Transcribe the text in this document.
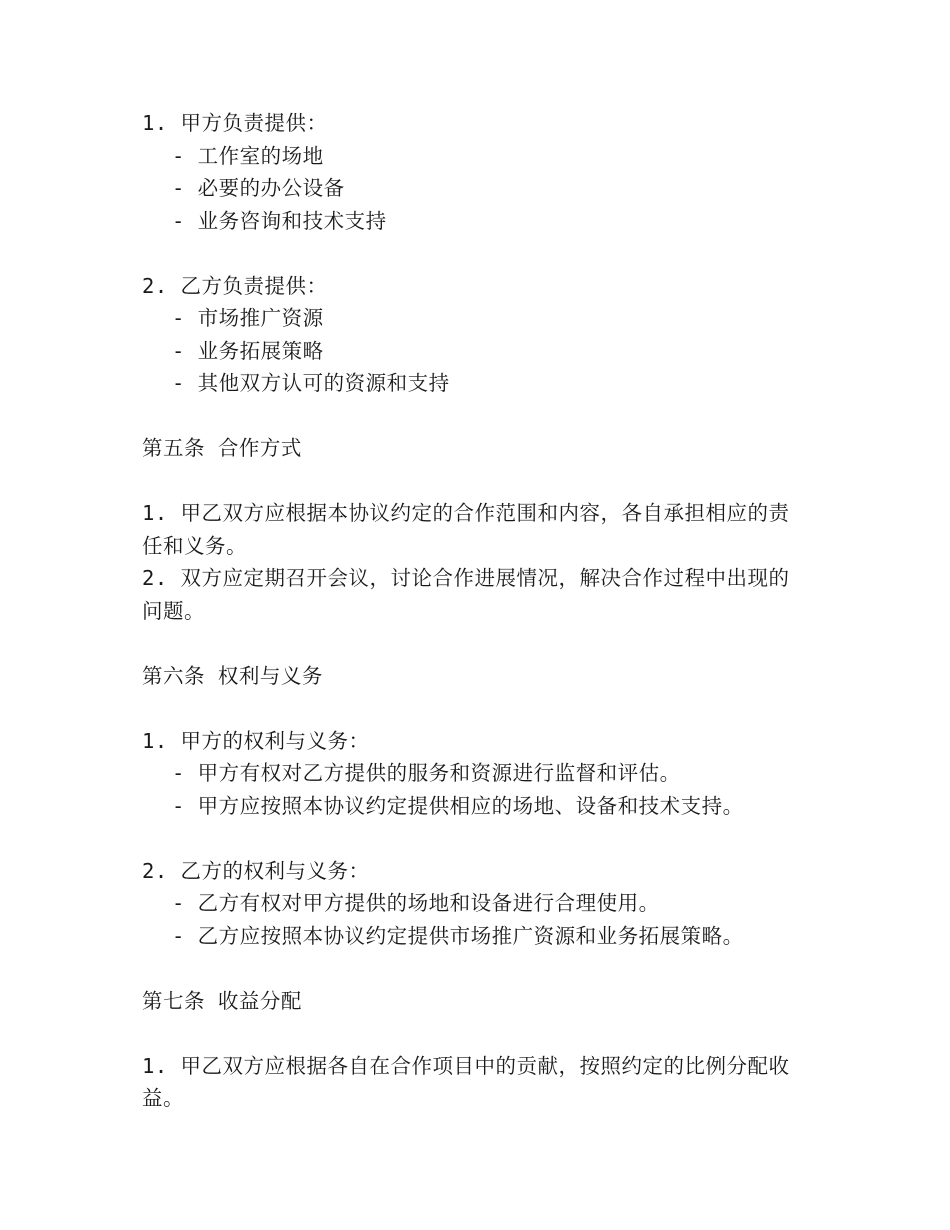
1. 甲方负责提供：
- 工作室的场地
- 必要的办公设备
- 业务咨询和技术支持
2. 乙方负责提供：
- 市场推广资源
- 业务拓展策略
- 其他双方认可的资源和支持
第五条 合作方式
1. 甲乙双方应根据本协议约定的合作范围和内容，各自承担相应的责
任和义务。
2. 双方应定期召开会议，讨论合作进展情况，解决合作过程中出现的
问题。
第六条 权利与义务
1. 甲方的权利与义务：
- 甲方有权对乙方提供的服务和资源进行监督和评估。
- 甲方应按照本协议约定提供相应的场地、设备和技术支持。
2. 乙方的权利与义务：
- 乙方有权对甲方提供的场地和设备进行合理使用。
- 乙方应按照本协议约定提供市场推广资源和业务拓展策略。
第七条 收益分配
1. 甲乙双方应根据各自在合作项目中的贡献，按照约定的比例分配收
益。
